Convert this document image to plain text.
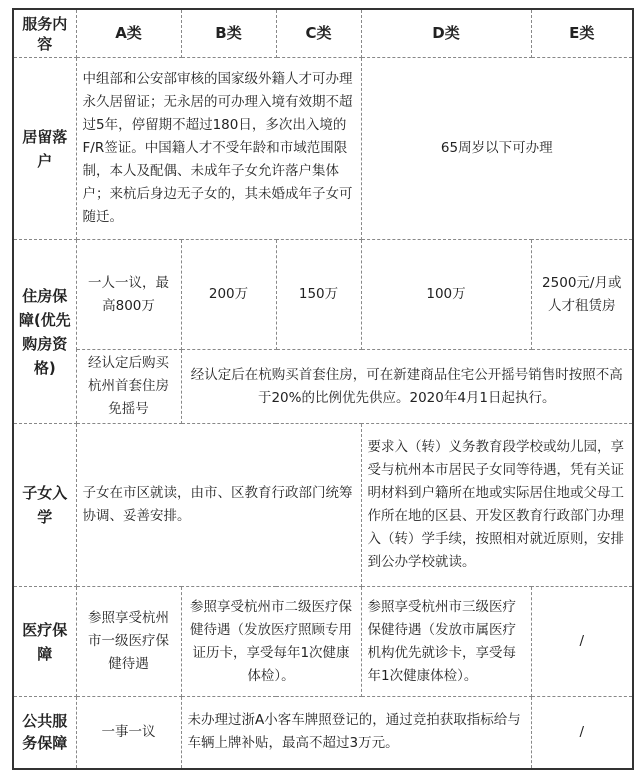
服务内容	A类	B类	C类	D类	E类
居留落户	中组部和公安部审核的国家级外籍人才可办理永久居留证；无永居的可办理入境有效期不超过5年，停留期不超过180日，多次出入境的F/R签证。中国籍人才不受年龄和市域范围限制，本人及配偶、未成年子女允许落户集体户；来杭后身边无子女的，其未婚成年子女可随迁。			65周岁以下可办理	
住房保障(优先购房资格)	一人一议，最高800万	200万	150万	100万	2500元/月或人才租赁房
	经认定后购买杭州首套住房免摇号	经认定后在杭购买首套住房，可在新建商品住宅公开摇号销售时按照不高于20%的比例优先供应。2020年4月1日起执行。			
子女入学	子女在市区就读，由市、区教育行政部门统筹协调、妥善安排。			要求入（转）义务教育段学校或幼儿园，享受与杭州本市居民子女同等待遇，凭有关证明材料到户籍所在地或实际居住地或父母工作所在地的区县、开发区教育行政部门办理入（转）学手续，按照相对就近原则，安排到公办学校就读。	
医疗保障	参照享受杭州市一级医疗保健待遇	参照享受杭州市二级医疗保健待遇（发放医疗照顾专用证历卡，享受每年1次健康体检）。		参照享受杭州市三级医疗保健待遇（发放市属医疗机构优先就诊卡，享受每年1次健康体检）。	/
公共服务保障	一事一议	未办理过浙A小客车牌照登记的，通过竞拍获取指标给与车辆上牌补贴，最高不超过3万元。			/
